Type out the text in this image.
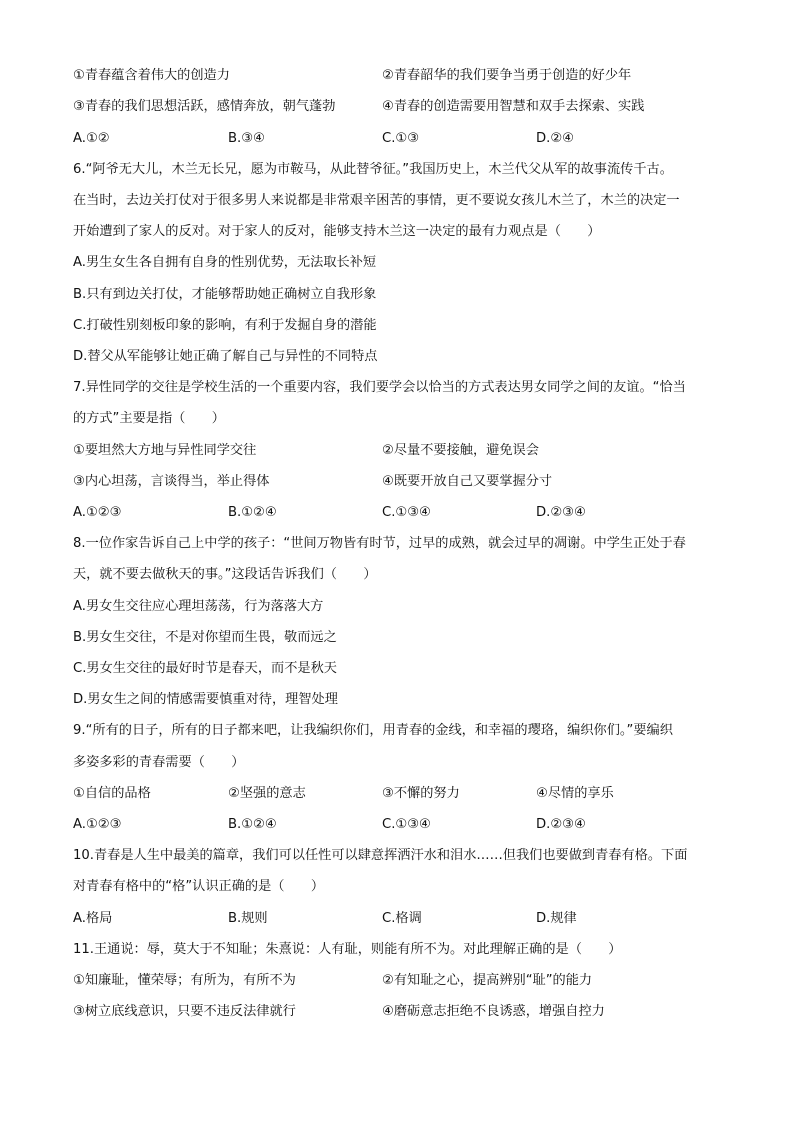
①青春蕴含着伟大的创造力	②青春韶华的我们要争当勇于创造的好少年
③青春的我们思想活跃，感情奔放，朝气蓬勃	④青春的创造需要用智慧和双手去探索、实践
A.①②	B.③④	C.①③	D.②④
6.“阿爷无大儿，木兰无长兄，愿为市鞍马，从此替爷征。”我国历史上，木兰代父从军的故事流传千古。
在当时，去边关打仗对于很多男人来说都是非常艰辛困苦的事情，更不要说女孩儿木兰了，木兰的决定一
开始遭到了家人的反对。对于家人的反对，能够支持木兰这一决定的最有力观点是（　　）
A.男生女生各自拥有自身的性别优势，无法取长补短
B.只有到边关打仗，才能够帮助她正确树立自我形象
C.打破性别刻板印象的影响，有利于发掘自身的潜能
D.替父从军能够让她正确了解自己与异性的不同特点
7.异性同学的交往是学校生活的一个重要内容，我们要学会以恰当的方式表达男女同学之间的友谊。“恰当
的方式”主要是指（　　）
①要坦然大方地与异性同学交往	②尽量不要接触，避免误会
③内心坦荡，言谈得当，举止得体	④既要开放自己又要掌握分寸
A.①②③	B.①②④	C.①③④	D.②③④
8.一位作家告诉自己上中学的孩子：“世间万物皆有时节，过早的成熟，就会过早的凋谢。中学生正处于春
天，就不要去做秋天的事。”这段话告诉我们（　　）
A.男女生交往应心理坦荡荡，行为落落大方
B.男女生交往，不是对你望而生畏，敬而远之
C.男女生交往的最好时节是春天，而不是秋天
D.男女生之间的情感需要慎重对待，理智处理
9.“所有的日子，所有的日子都来吧，让我编织你们，用青春的金线，和幸福的璎珞，编织你们。”要编织
多姿多彩的青春需要（　　）
①自信的品格	②坚强的意志	③不懈的努力	④尽情的享乐
A.①②③	B.①②④	C.①③④	D.②③④
10.青春是人生中最美的篇章，我们可以任性可以肆意挥洒汗水和泪水……但我们也要做到青春有格。下面
对青春有格中的“格”认识正确的是（　　）
A.格局	B.规则	C.格调	D.规律
11.王通说：辱，莫大于不知耻；朱熹说：人有耻，则能有所不为。对此理解正确的是（　　）
①知廉耻，懂荣辱；有所为，有所不为	②有知耻之心，提高辨别“耻”的能力
③树立底线意识，只要不违反法律就行	④磨砺意志拒绝不良诱惑，增强自控力
